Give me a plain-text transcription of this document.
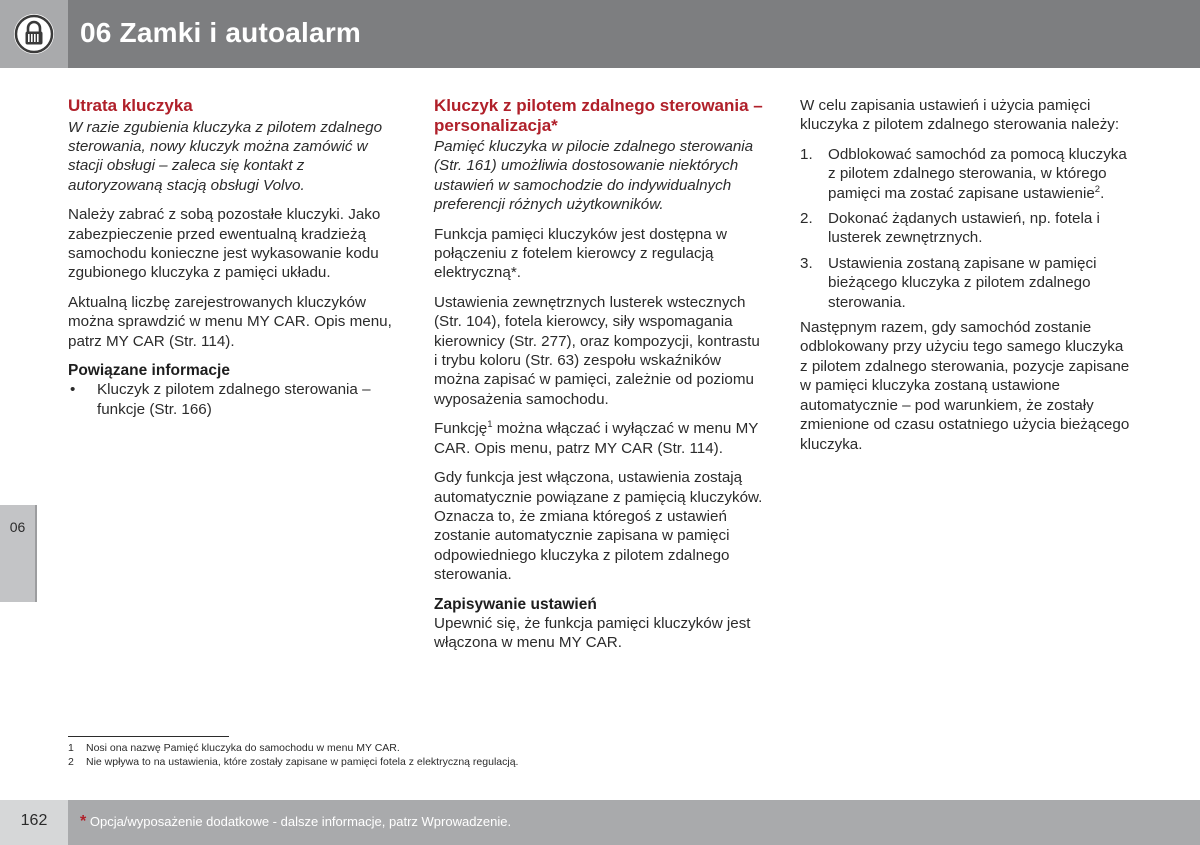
06 Zamki i autoalarm
06
Utrata kluczyka

W razie zgubienia kluczyka z pilotem zdalnego sterowania, nowy kluczyk można zamówić w stacji obsługi – zaleca się kontakt z autoryzowaną stacją obsługi Volvo.

Należy zabrać z sobą pozostałe kluczyki. Jako zabezpieczenie przed ewentualną kradzieżą samochodu konieczne jest wykasowanie kodu zgubionego kluczyka z pamięci układu.

Aktualną liczbę zarejestrowanych kluczyków można sprawdzić w menu MY CAR. Opis menu, patrz MY CAR (Str. 114).

Powiązane informacje
• Kluczyk z pilotem zdalnego sterowania – funkcje (Str. 166)
Kluczyk z pilotem zdalnego sterowania – personalizacja*

Pamięć kluczyka w pilocie zdalnego sterowania (Str. 161) umożliwia dostosowanie niektórych ustawień w samochodzie do indywidualnych preferencji różnych użytkowników.

Funkcja pamięci kluczyków jest dostępna w połączeniu z fotelem kierowcy z regulacją elektryczną*.

Ustawienia zewnętrznych lusterek wstecznych (Str. 104), fotela kierowcy, siły wspomagania kierownicy (Str. 277), oraz kompozycji, kontrastu i trybu koloru (Str. 63) zespołu wskaźników można zapisać w pamięci, zależnie od poziomu wyposażenia samochodu.

Funkcję$^1$ można włączać i wyłączać w menu MY CAR. Opis menu, patrz MY CAR (Str. 114).

Gdy funkcja jest włączona, ustawienia zostają automatycznie powiązane z pamięcią kluczyków. Oznacza to, że zmiana któregoś z ustawień zostanie automatycznie zapisana w pamięci odpowiedniego kluczyka z pilotem zdalnego sterowania.

Zapisywanie ustawień

Upewnić się, że funkcja pamięci kluczyków jest włączona w menu MY CAR.

W celu zapisania ustawień i użycia pamięci kluczyka z pilotem zdalnego sterowania należy:

1. Odblokować samochód za pomocą kluczyka z pilotem zdalnego sterowania, w którego pamięci ma zostać zapisane ustawienie$^2$.
2. Dokonać żądanych ustawień, np. fotela i lusterek zewnętrznych.
3. Ustawienia zostaną zapisane w pamięci bieżącego kluczyka z pilotem zdalnego sterowania.

Następnym razem, gdy samochód zostanie odblokowany przy użyciu tego samego kluczyka z pilotem zdalnego sterowania, pozycje zapisane w pamięci kluczyka zostaną ustawione automatycznie – pod warunkiem, że zostały zmienione od czasu ostatniego użycia bieżącego kluczyka.

1 Nosi ona nazwę Pamięć kluczyka do samochodu w menu MY CAR.
2 Nie wpływa to na ustawienia, które zostały zapisane w pamięci fotela z elektryczną regulacją.
162	* Opcja/wyposażenie dodatkowe - dalsze informacje, patrz Wprowadzenie.
